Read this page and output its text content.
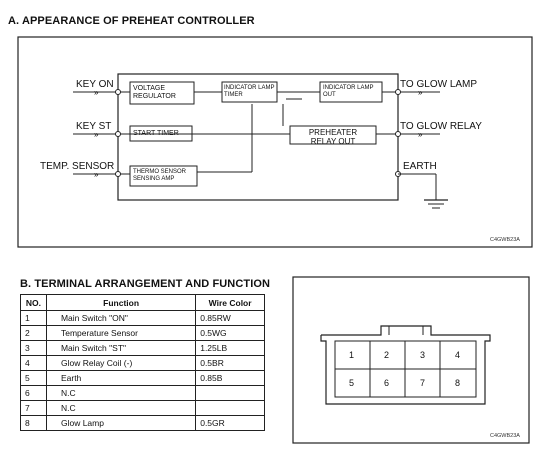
A. APPEARANCE OF PREHEAT CONTROLLER
»
»
»
»
»
KEY ON
KEY ST
TEMP. SENSOR
VOLTAGE
REGULATOR
INDICATOR LAMP
TIMER
INDICATOR LAMP
OUT
START TIMER	PREHEATER
RELAY OUT
THERMO SENSOR
SENSING AMP
TO GLOW LAMP
TO GLOW RELAY
EARTH
C4GWB23A
B. TERMINAL ARRANGEMENT AND FUNCTION
NO.	Function	Wire Color
1	Main Switch "ON"	0.85RW
2	Temperature Sensor	0.5WG
3	Main Switch "ST"	1.25LB
4	Glow Relay Coil (-)	0.5BR
5	Earth	0.85B
6	N.C	
7	N.C	
8	Glow Lamp	0.5GR
1	2	3	4
5	6	7	8
C4GWB23A
